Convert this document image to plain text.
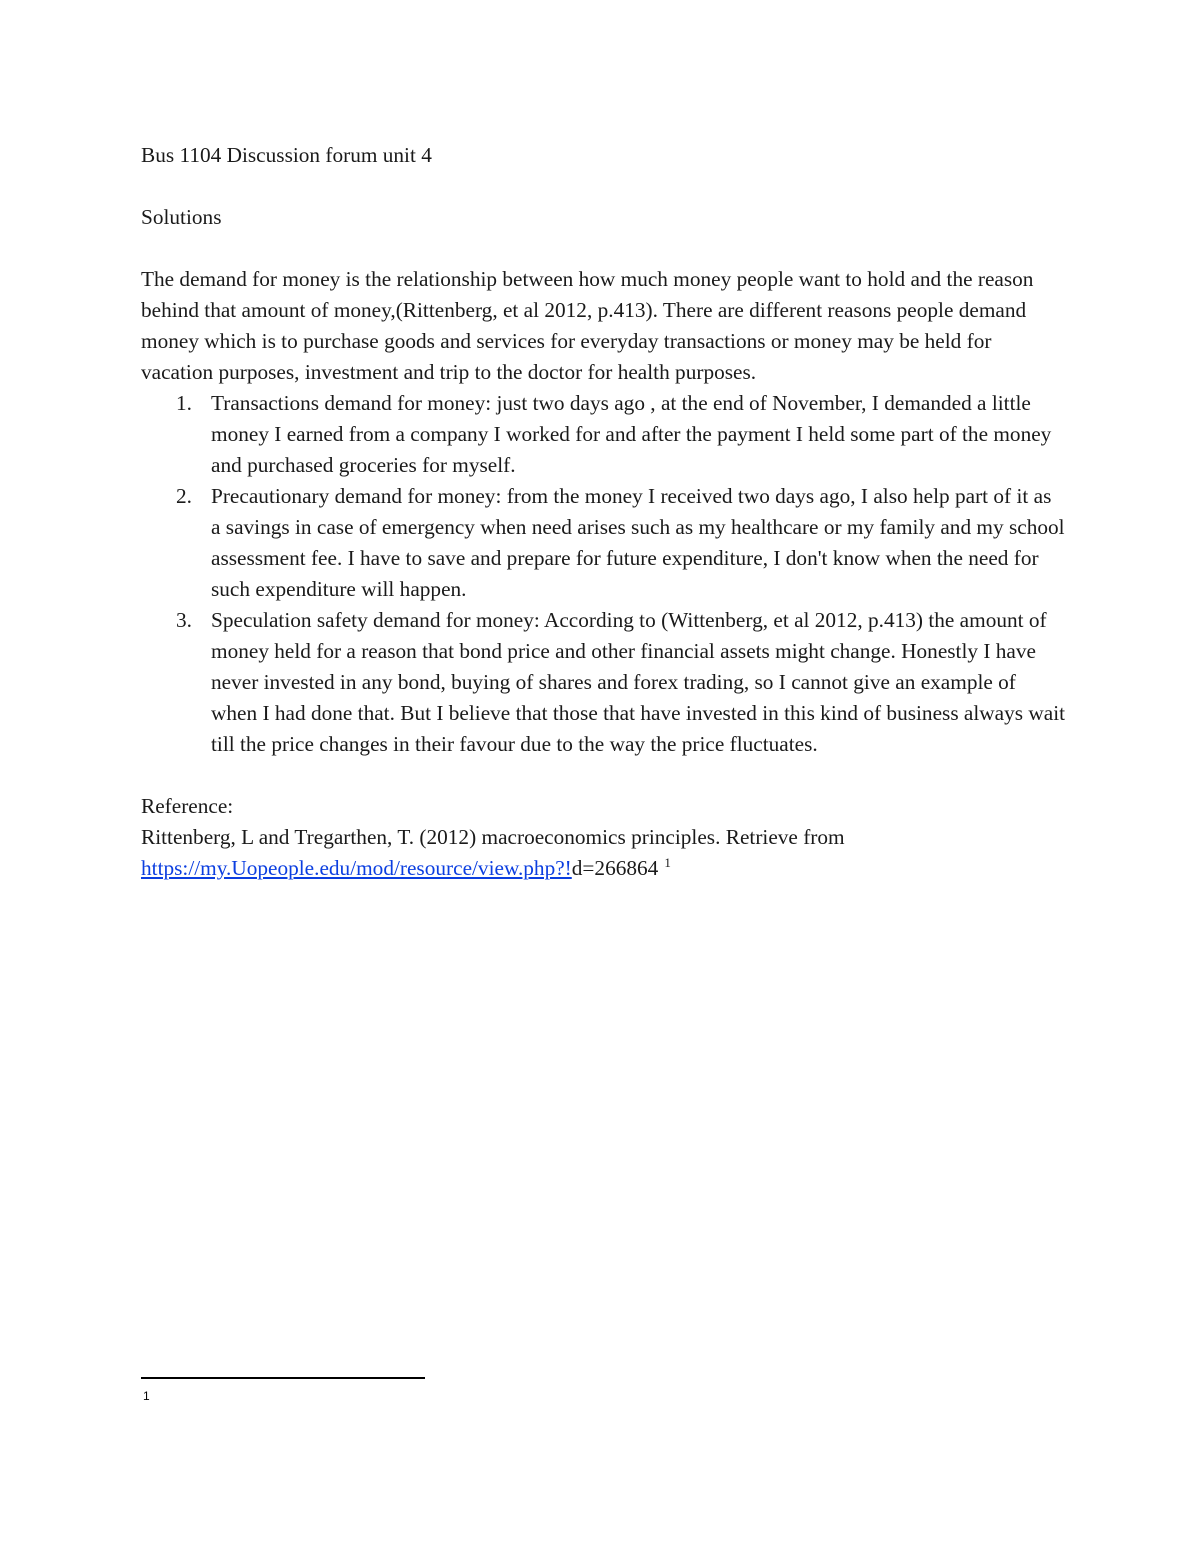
Bus 1104 Discussion forum unit 4

Solutions

The demand for money is the relationship between how much money people want to hold and the reason behind that amount of money,(Rittenberg, et al 2012, p.413). There are different reasons people demand money which is to purchase goods and services for everyday transactions or money may be held for vacation purposes, investment and trip to the doctor for health purposes.

1. Transactions demand for money: just two days ago , at the end of November, I demanded a little money I earned from a company I worked for and after the payment I held some part of the money and purchased groceries for myself.
2. Precautionary demand for money: from the money I received two days ago, I also help part of it as a savings in case of emergency when need arises such as my healthcare or my family and my school assessment fee. I have to save and prepare for future expenditure, I don't know when the need for such expenditure will happen.
3. Speculation safety demand for money: According to (Wittenberg, et al 2012, p.413) the amount of money held for a reason that bond price and other financial assets might change. Honestly I have never invested in any bond, buying of shares and forex trading, so I cannot give an example of when I had done that. But I believe that those that have invested in this kind of business always wait till the price changes in their favour due to the way the price fluctuates.

Reference:

Rittenberg, L and Tregarthen, T. (2012) macroeconomics principles. Retrieve from

https://my.Uopeople.edu/mod/resource/view.php?!d=266864 $^1$

1
